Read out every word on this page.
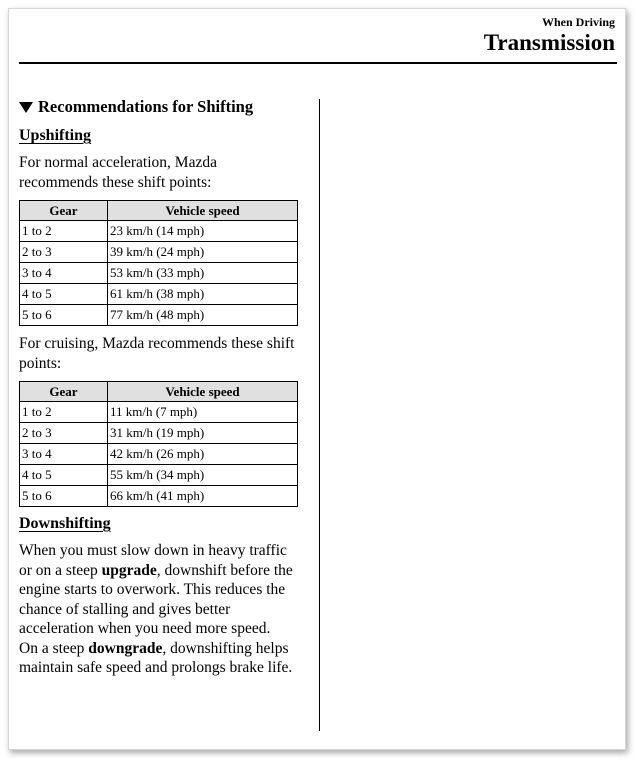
When Driving
Transmission
Recommendations for Shifting
Upshifting
For normal acceleration, Mazda recommends these shift points:
Gear	Vehicle speed
1 to 2	23 km/h (14 mph)
2 to 3	39 km/h (24 mph)
3 to 4	53 km/h (33 mph)
4 to 5	61 km/h (38 mph)
5 to 6	77 km/h (48 mph)
For cruising, Mazda recommends these shift points:
Gear	Vehicle speed
1 to 2	11 km/h (7 mph)
2 to 3	31 km/h (19 mph)
3 to 4	42 km/h (26 mph)
4 to 5	55 km/h (34 mph)
5 to 6	66 km/h (41 mph)
Downshifting
When you must slow down in heavy traffic or on a steep upgrade, downshift before the engine starts to overwork. This reduces the chance of stalling and gives better acceleration when you need more speed.
On a steep downgrade, downshifting helps maintain safe speed and prolongs brake life.
